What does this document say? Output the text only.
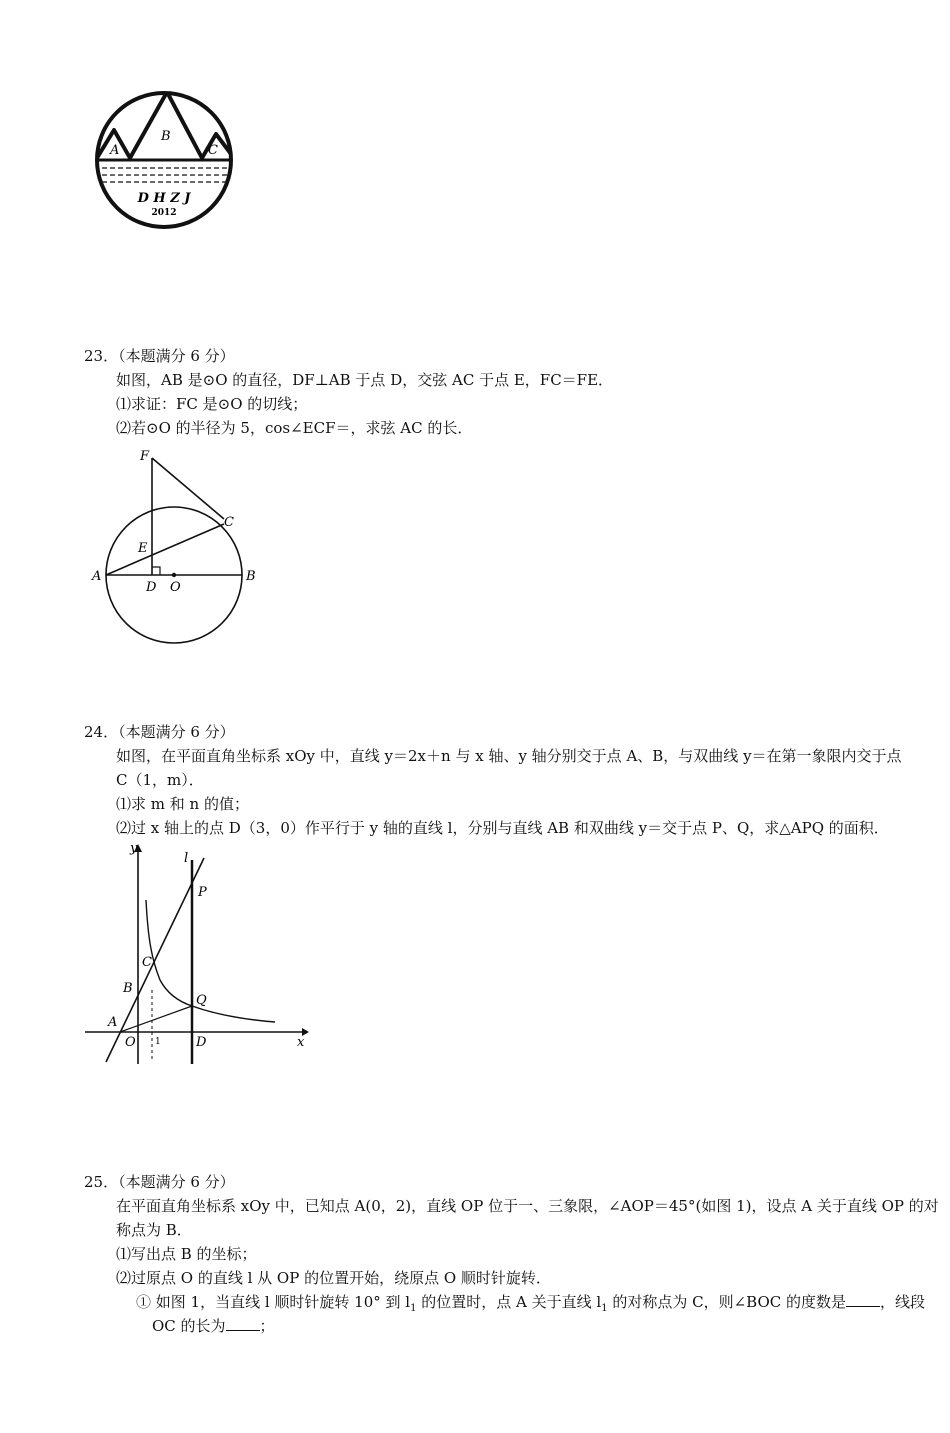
A
B
C
D H Z J
2012
23．（本题满分 6 分）
如图，AB 是⊙O 的直径，DF⊥AB 于点 D，交弦 AC 于点 E，FC＝FE．
⑴求证：FC 是⊙O 的切线；
⑵若⊙O 的半径为 5，cos∠ECF＝，求弦 AC 的长．
F
C
E
A
D O
B
24．（本题满分 6 分）
如图，在平面直角坐标系 xOy 中，直线 y＝2x＋n 与 x 轴、y 轴分别交于点 A、B，与双曲线 y＝在第一象限内交于点
C（1，m）．
⑴求 m 和 n 的值；
⑵过 x 轴上的点 D（3，0）作平行于 y 轴的直线 l，分别与直线 AB 和双曲线 y＝交于点 P、Q，求△APQ 的面积．
y
l
P
C
B
Q
A
O 1	D	x
25．（本题满分 6 分）
在平面直角坐标系 xOy 中，已知点 A(0，2)，直线 OP 位于一、三象限，∠AOP＝45°(如图 1)，设点 A 关于直线 OP 的对
称点为 B．
⑴写出点 B 的坐标；
⑵过原点 O 的直线 l 从 OP 的位置开始，绕原点 O 顺时针旋转．
① 如图 1，当直线 l 顺时针旋转 10° 到 $l_1$ 的位置时，点 A 关于直线 $l_1$ 的对称点为 C，则∠BOC 的度数是 ，线段
OC 的长为 ；
